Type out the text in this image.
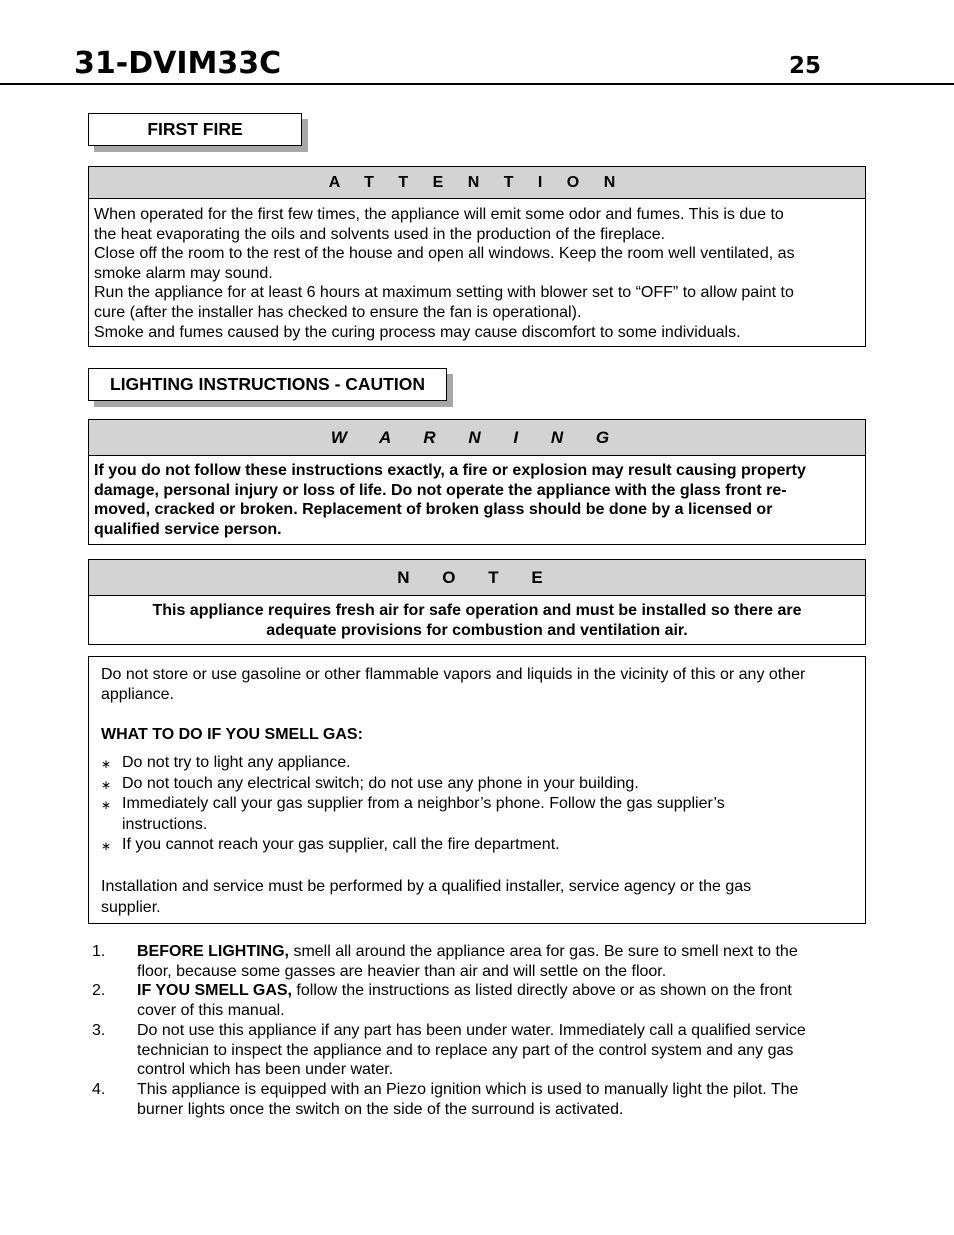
31-DVIM33C	25
FIRST FIRE
A T T E N T I O N
When operated for the first few times, the appliance will emit some odor and fumes. This is due to
the heat evaporating the oils and solvents used in the production of the fireplace.
Close off the room to the rest of the house and open all windows. Keep the room well ventilated, as
smoke alarm may sound.
Run the appliance for at least 6 hours at maximum setting with blower set to “OFF” to allow paint to
cure (after the installer has checked to ensure the fan is operational).
Smoke and fumes caused by the curing process may cause discomfort to some individuals.
LIGHTING INSTRUCTIONS - CAUTION
W A R N I N G
If you do not follow these instructions exactly, a fire or explosion may result causing property
damage, personal injury or loss of life. Do not operate the appliance with the glass front re-
moved, cracked or broken. Replacement of broken glass should be done by a licensed or
qualified service person.
N O T E
This appliance requires fresh air for safe operation and must be installed so there are
adequate provisions for combustion and ventilation air.

Do not store or use gasoline or other flammable vapors and liquids in the vicinity of this or any other

appliance.

WHAT TO DO IF YOU SMELL GAS:
∗ Do not try to light any appliance.
∗ Do not touch any electrical switch; do not use any phone in your building.
∗ Immediately call your gas supplier from a neighbor’s phone. Follow the gas supplier’s
instructions.
∗ If you cannot reach your gas supplier, call the fire department.

Installation and service must be performed by a qualified installer, service agency or the gas

supplier.

1. BEFORE LIGHTING, smell all around the appliance area for gas. Be sure to smell next to the
floor, because some gasses are heavier than air and will settle on the floor.
2. IF YOU SMELL GAS, follow the instructions as listed directly above or as shown on the front
cover of this manual.
3. Do not use this appliance if any part has been under water. Immediately call a qualified service
technician to inspect the appliance and to replace any part of the control system and any gas
control which has been under water.
4. This appliance is equipped with an Piezo ignition which is used to manually light the pilot. The
burner lights once the switch on the side of the surround is activated.
